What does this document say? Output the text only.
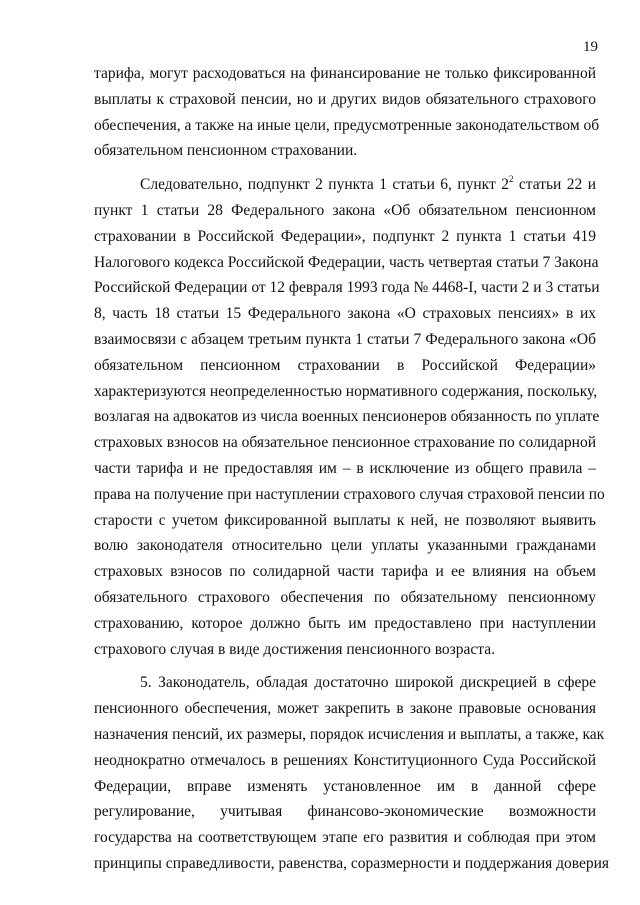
19
тарифа, могут расходоваться на финансирование не только фиксированной
выплаты к страховой пенсии, но и других видов обязательного страхового
обеспечения, а также на иные цели, предусмотренные законодательством об
обязательном пенсионном страховании.
Следовательно, подпункт 2 пункта 1 статьи 6, пункт $2^2$ статьи 22 и
пункт 1 статьи 28 Федерального закона «Об обязательном пенсионном
страховании в Российской Федерации», подпункт 2 пункта 1 статьи 419
Налогового кодекса Российской Федерации, часть четвертая статьи 7 Закона
Российской Федерации от 12 февраля 1993 года № 4468-I, части 2 и 3 статьи
8, часть 18 статьи 15 Федерального закона «О страховых пенсиях» в их
взаимосвязи с абзацем третьим пункта 1 статьи 7 Федерального закона «Об
обязательном пенсионном страховании в Российской Федерации»
характеризуются неопределенностью нормативного содержания, поскольку,
возлагая на адвокатов из числа военных пенсионеров обязанность по уплате
страховых взносов на обязательное пенсионное страхование по солидарной
части тарифа и не предоставляя им – в исключение из общего правила –
права на получение при наступлении страхового случая страховой пенсии по
старости с учетом фиксированной выплаты к ней, не позволяют выявить
волю законодателя относительно цели уплаты указанными гражданами
страховых взносов по солидарной части тарифа и ее влияния на объем
обязательного страхового обеспечения по обязательному пенсионному
страхованию, которое должно быть им предоставлено при наступлении
страхового случая в виде достижения пенсионного возраста.
5. Законодатель, обладая достаточно широкой дискрецией в сфере
пенсионного обеспечения, может закрепить в законе правовые основания
назначения пенсий, их размеры, порядок исчисления и выплаты, а также, как
неоднократно отмечалось в решениях Конституционного Суда Российской
Федерации, вправе изменять установленное им в данной сфере
регулирование, учитывая финансово-экономические возможности
государства на соответствующем этапе его развития и соблюдая при этом
принципы справедливости, равенства, соразмерности и поддержания доверия
